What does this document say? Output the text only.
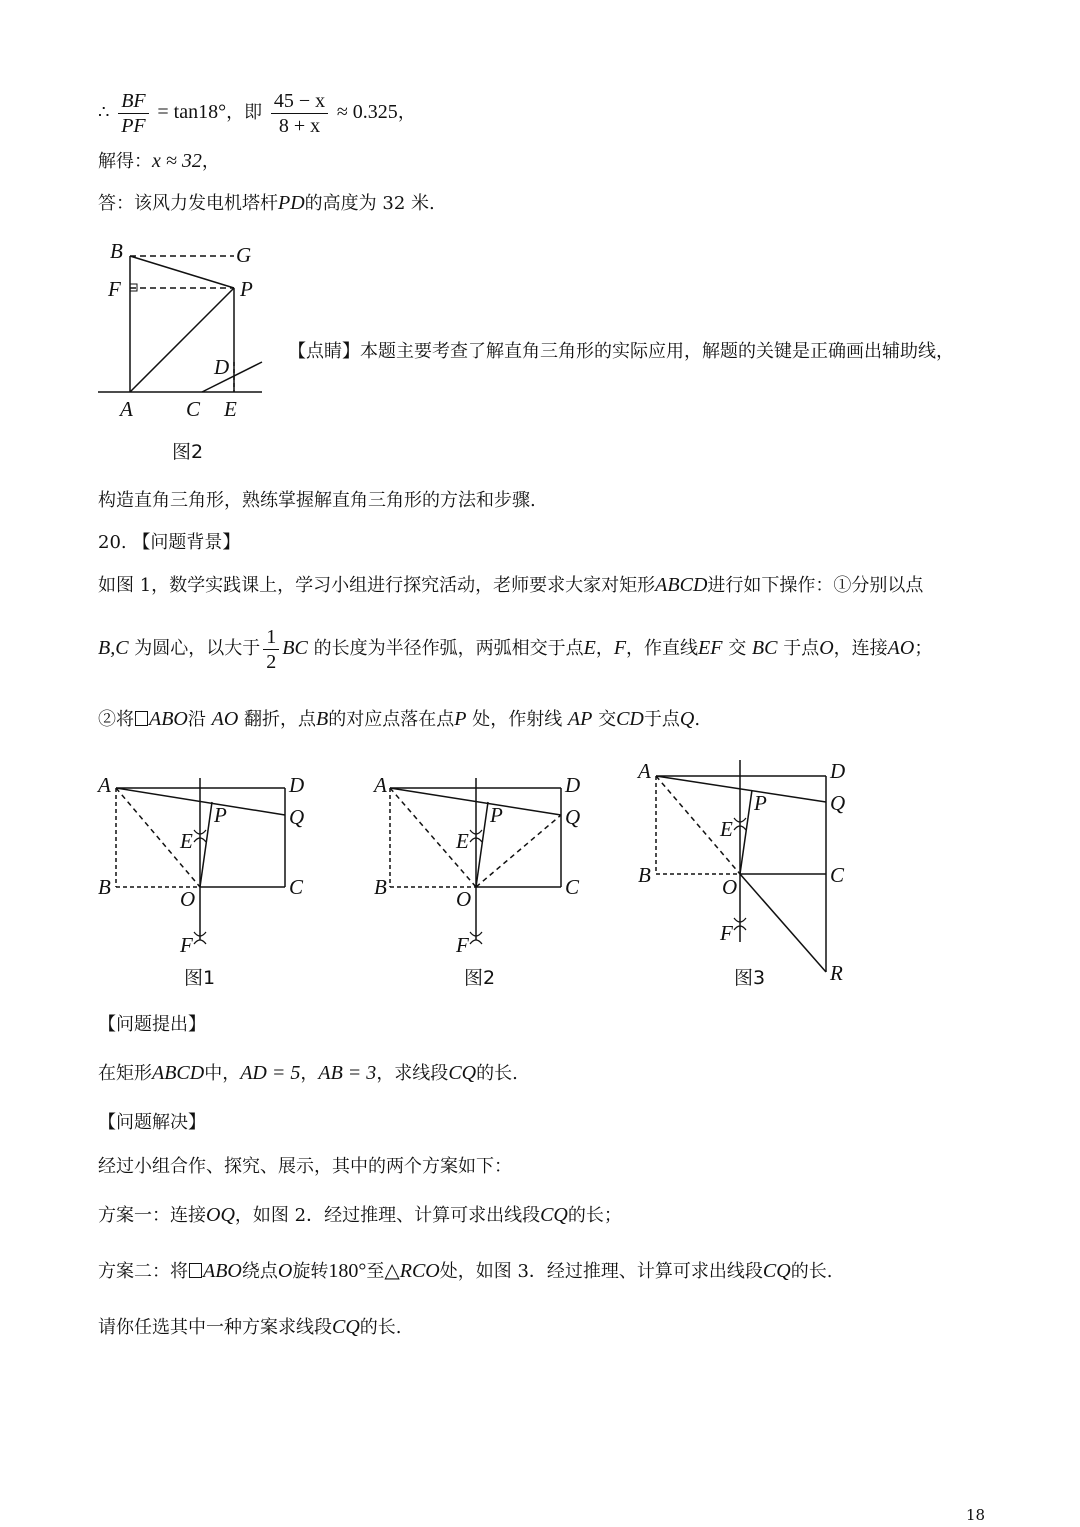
∴ $\frac{BF}{PF} = \tan 18^\circ$，即 $\frac{45 - x}{8 + x} \approx 0.325$，
解得：x ≈ 32，
答：该风力发电机塔杆PD的高度为 32 米.
B	G
F	P
D
A	C E
图2
【点睛】本题主要考查了解直角三角形的实际应用，解题的关键是正确画出辅助线，
构造直角三角形，熟练掌握解直角三角形的方法和步骤.
20. 【问题背景】
如图 1，数学实践课上，学习小组进行探究活动，老师要求大家对矩形ABCD进行如下操作：①分别以点
B,C 为圆心，以大于 $\frac{1}{2}$ BC 的长度为半径作弧，两弧相交于点E，F，作直线EF 交 BC 于点O，连接AO；
②将 ABO沿 AO 翻折，点B的对应点落在点P 处，作射线 AP 交CD于点Q.
A	D
P	Q
E
B	O	C
F
图1
A	D
P	Q
E
B	O	C
F
图2
A	D
P	Q
E
B	O	C
F
R
图3
【问题提出】
在矩形ABCD中，AD = 5，AB = 3，求线段CQ的长.
【问题解决】
经过小组合作、探究、展示，其中的两个方案如下：
方案一：连接OQ，如图 2．经过推理、计算可求出线段CQ的长；
方案二：将 ABO绕点O旋转180°至△RCO处，如图 3．经过推理、计算可求出线段CQ的长.
请你任选其中一种方案求线段CQ的长.
18
